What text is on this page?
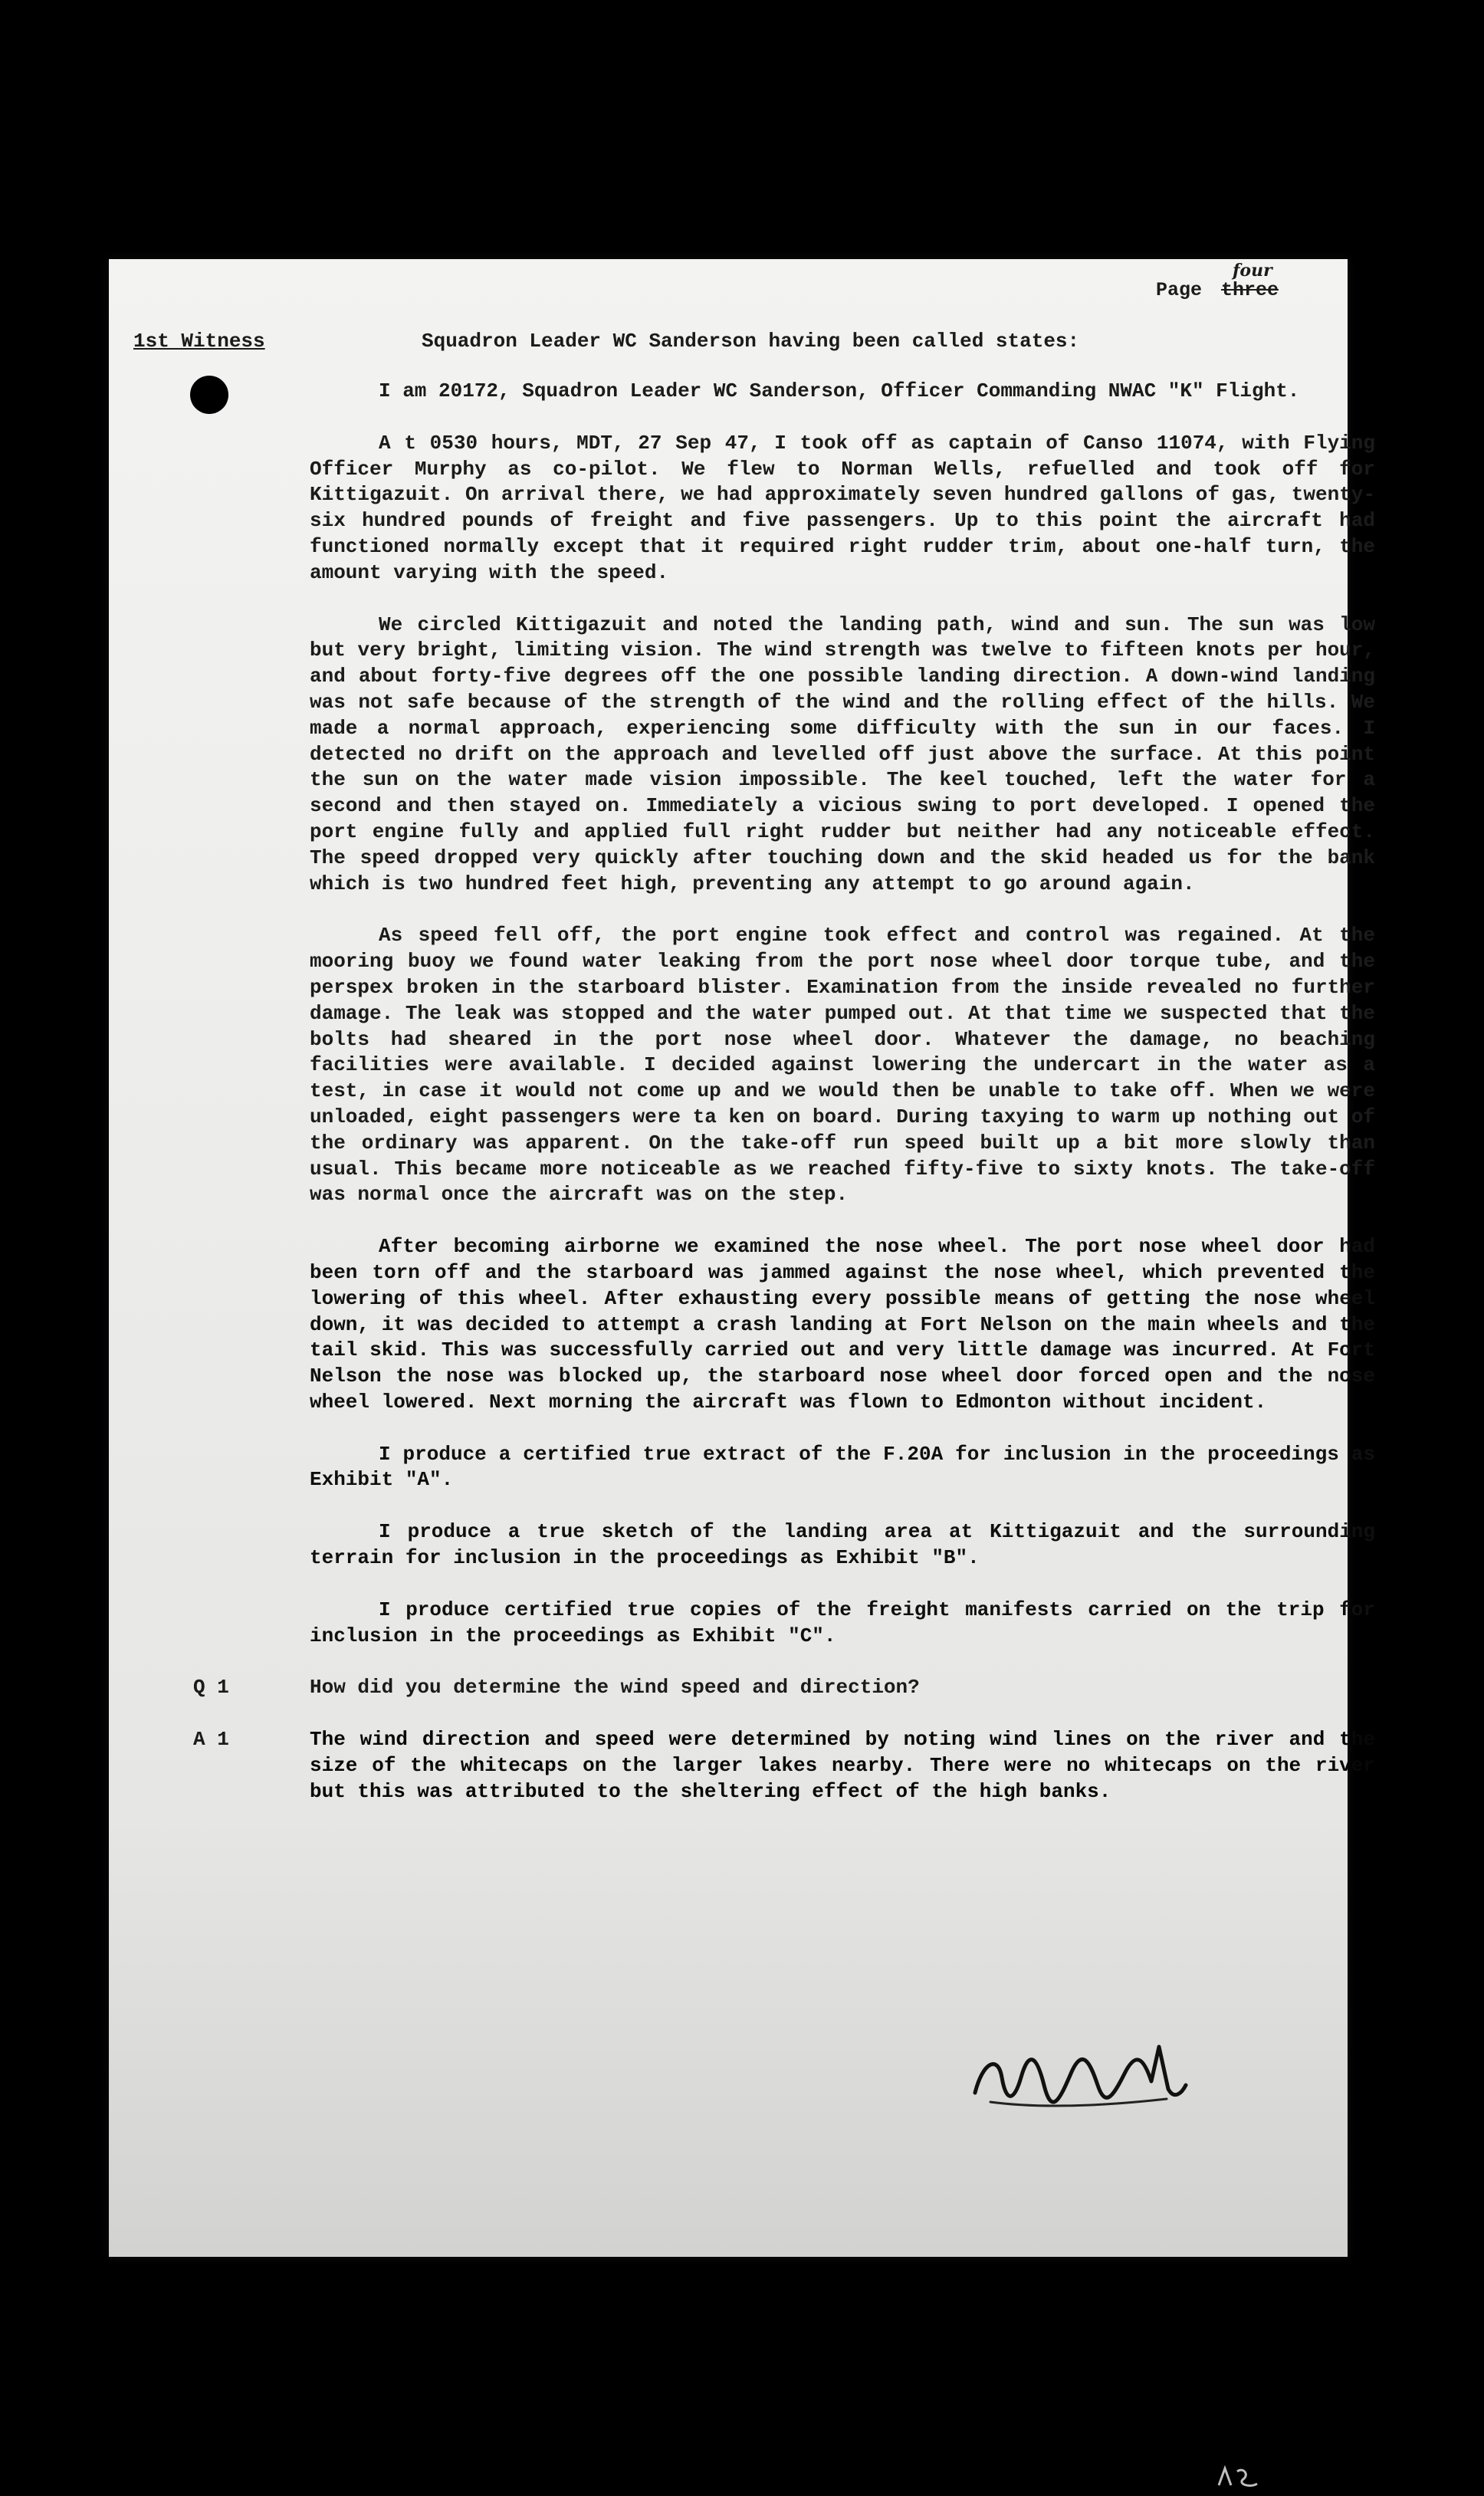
Page three
four
1st Witness	Squadron Leader WC Sanderson having been called states:

I am 20172, Squadron Leader WC Sanderson, Officer Commanding NWAC "K" Flight.

A t 0530 hours, MDT, 27 Sep 47, I took off as captain of Canso 11074, with Flying Officer Murphy as co-pilot. We flew to Norman Wells, refuelled and took off for Kittigazuit. On arrival there, we had approximately seven hundred gallons of gas, twenty-six hundred pounds of freight and five passengers. Up to this point the aircraft had functioned normally except that it required right rudder trim, about one-half turn, the amount varying with the speed.

We circled Kittigazuit and noted the landing path, wind and sun. The sun was low but very bright, limiting vision. The wind strength was twelve to fifteen knots per hour, and about forty-five degrees off the one possible landing direction. A down-wind landing was not safe because of the strength of the wind and the rolling effect of the hills. We made a normal approach, experiencing some difficulty with the sun in our faces. I detected no drift on the approach and levelled off just above the surface. At this point the sun on the water made vision impossible. The keel touched, left the water for a second and then stayed on. Immediately a vicious swing to port developed. I opened the port engine fully and applied full right rudder but neither had any noticeable effect. The speed dropped very quickly after touching down and the skid headed us for the bank which is two hundred feet high, preventing any attempt to go around again.

As speed fell off, the port engine took effect and control was regained. At the mooring buoy we found water leaking from the port nose wheel door torque tube, and the perspex broken in the starboard blister. Examination from the inside revealed no further damage. The leak was stopped and the water pumped out. At that time we suspected that the bolts had sheared in the port nose wheel door. Whatever the damage, no beaching facilities were available. I decided against lowering the undercart in the water as a test, in case it would not come up and we would then be unable to take off. When we were unloaded, eight passengers were ta ken on board. During taxying to warm up nothing out of the ordinary was apparent. On the take-off run speed built up a bit more slowly than usual. This became more noticeable as we reached fifty-five to sixty knots. The take-off was normal once the aircraft was on the step.

After becoming airborne we examined the nose wheel. The port nose wheel door had been torn off and the starboard was jammed against the nose wheel, which prevented the lowering of this wheel. After exhausting every possible means of getting the nose wheel down, it was decided to attempt a crash landing at Fort Nelson on the main wheels and the tail skid. This was successfully carried out and very little damage was incurred. At Fort Nelson the nose was blocked up, the starboard nose wheel door forced open and the nose wheel lowered. Next morning the aircraft was flown to Edmonton without incident.

I produce a certified true extract of the F.20A for inclusion in the proceedings as Exhibit "A".

I produce a true sketch of the landing area at Kittigazuit and the surrounding terrain for inclusion in the proceedings as Exhibit "B".

I produce certified true copies of the freight manifests carried on the trip for inclusion in the proceedings as Exhibit "C".

Q 1	How did you determine the wind speed and direction?
A 1	The wind direction and speed were determined by noting wind lines on the river and the size of the whitecaps on the larger lakes nearby. There were no whitecaps on the river but this was attributed to the sheltering effect of the high banks.
